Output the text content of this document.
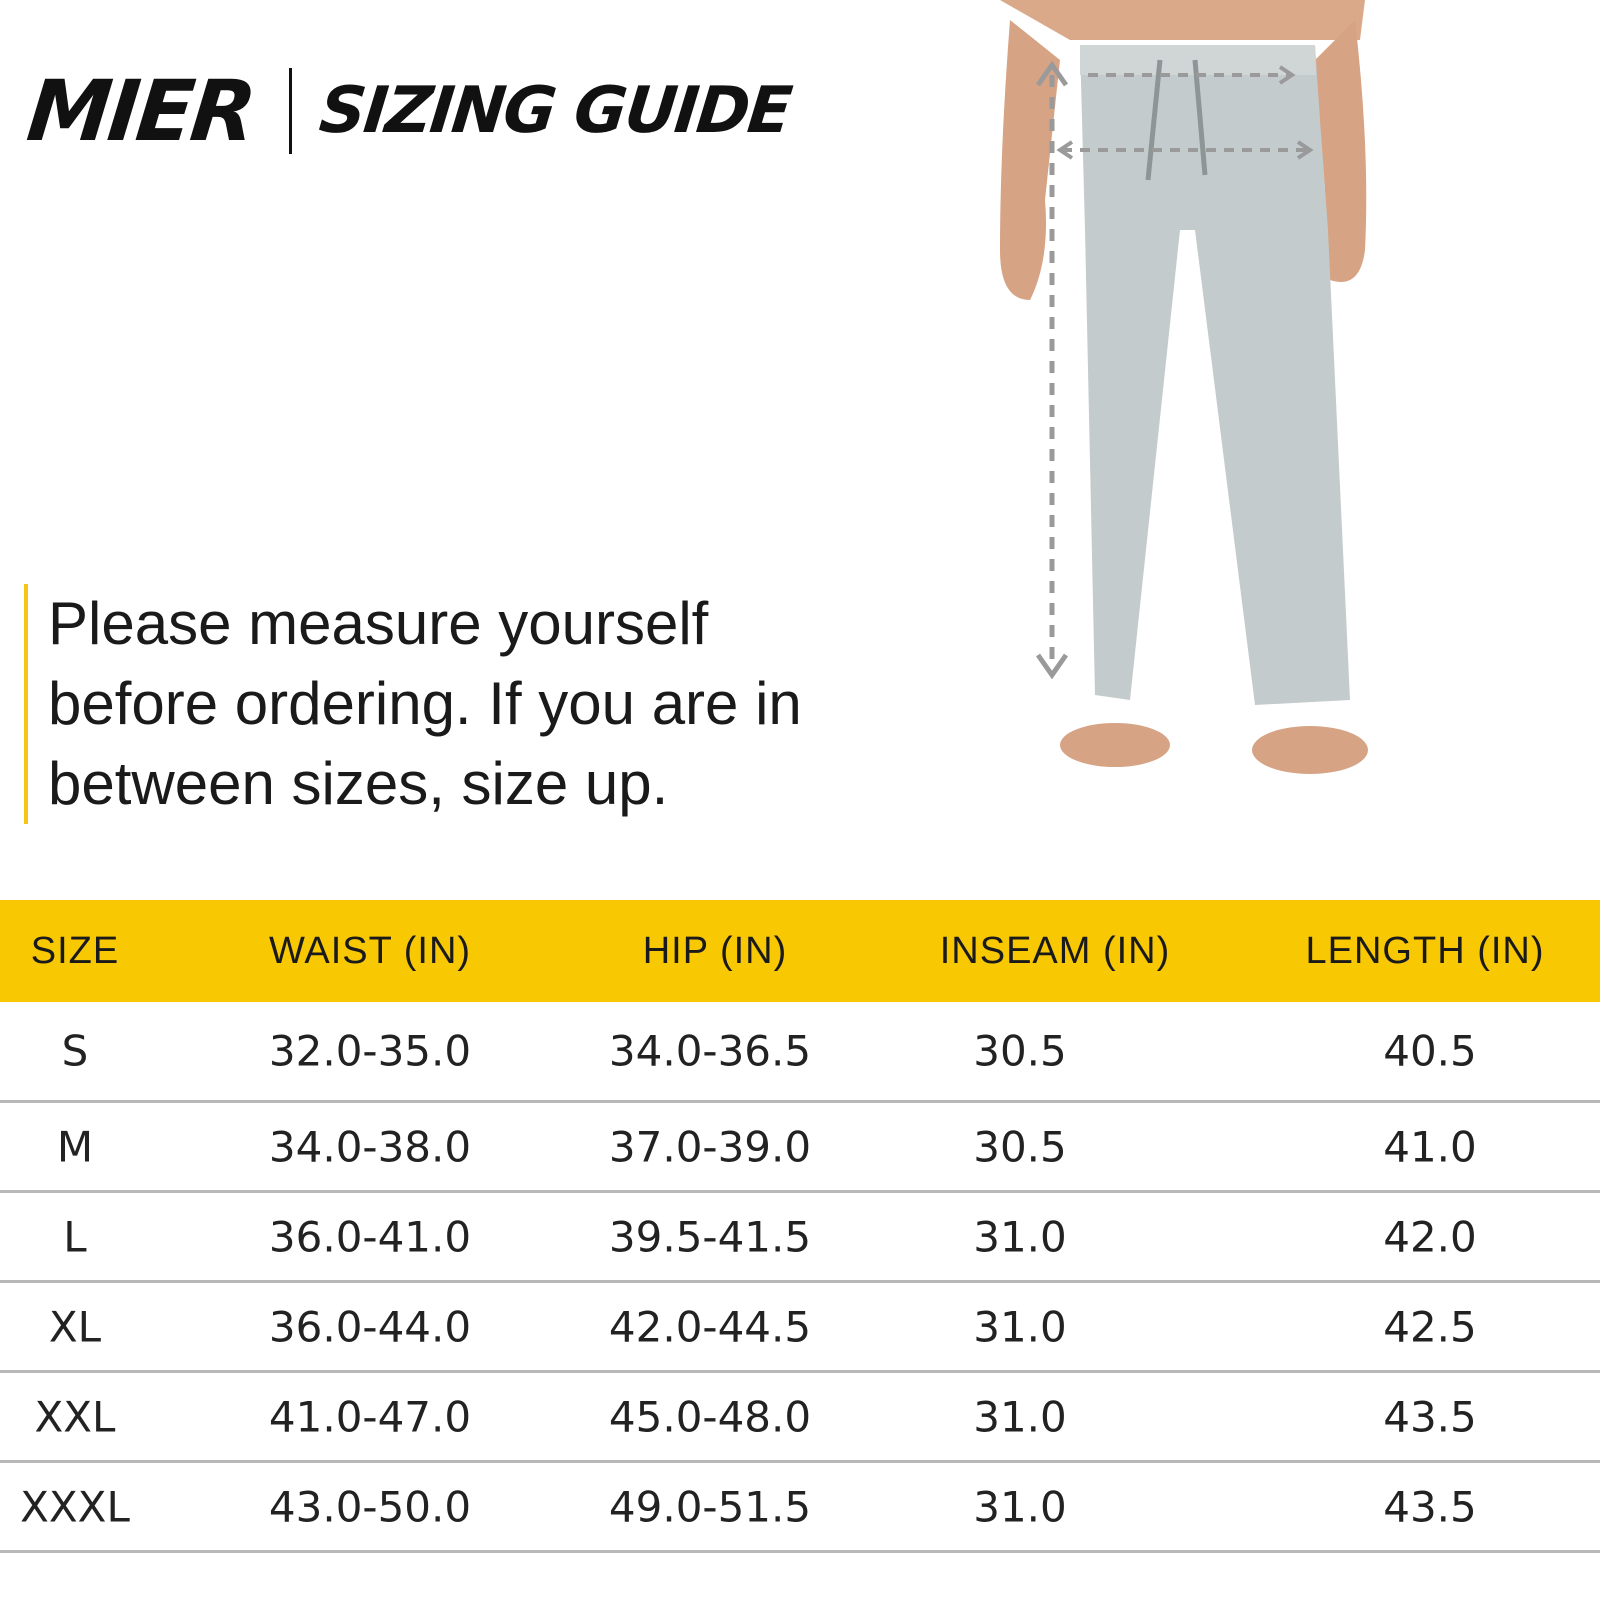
MIER SIZING GUIDE
Please measure yourself before ordering. If you are in between sizes, size up.
SIZE	WAIST (IN)	HIP (IN)	INSEAM (IN)	LENGTH (IN)
S	32.0-35.0	34.0-36.5	30.5	40.5
M	34.0-38.0	37.0-39.0	30.5	41.0
L	36.0-41.0	39.5-41.5	31.0	42.0
XL	36.0-44.0	42.0-44.5	31.0	42.5
XXL	41.0-47.0	45.0-48.0	31.0	43.5
XXXL	43.0-50.0	49.0-51.5	31.0	43.5
